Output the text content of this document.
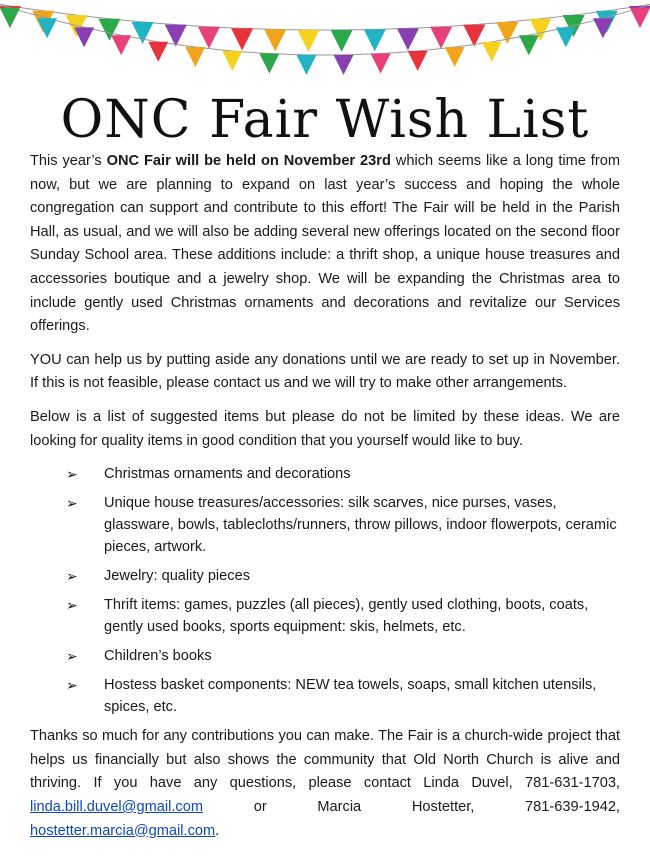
ONC Fair Wish List

This year’s ONC Fair will be held on November 23rd which seems like a long time from now, but we are planning to expand on last year’s success and hoping the whole congregation can support and contribute to this effort! The Fair will be held in the Parish Hall, as usual, and we will also be adding several new offerings located on the second floor Sunday School area. These additions include: a thrift shop, a unique house treasures and accessories boutique and a jewelry shop. We will be expanding the Christmas area to include gently used Christmas ornaments and decorations and revitalize our Services offerings.

YOU can help us by putting aside any donations until we are ready to set up in November. If this is not feasible, please contact us and we will try to make other arrangements.

Below is a list of suggested items but please do not be limited by these ideas. We are looking for quality items in good condition that you yourself would like to buy.

➢ Christmas ornaments and decorations
➢ Unique house treasures/accessories: silk scarves, nice purses, vases, glassware, bowls, tablecloths/runners, throw pillows, indoor flowerpots, ceramic pieces, artwork.
➢ Jewelry: quality pieces
➢ Thrift items: games, puzzles (all pieces), gently used clothing, boots, coats, gently used books, sports equipment: skis, helmets, etc.
➢ Children’s books
➢ Hostess basket components: NEW tea towels, soaps, small kitchen utensils, spices, etc.

Thanks so much for any contributions you can make. The Fair is a church-wide project that helps us financially but also shows the community that Old North Church is alive and thriving. If you have any questions, please contact Linda Duvel, 781-631-1703, linda.bill.duvel@gmail.com or Marcia Hostetter, 781-639-1942, hostetter.marcia@gmail.com.
